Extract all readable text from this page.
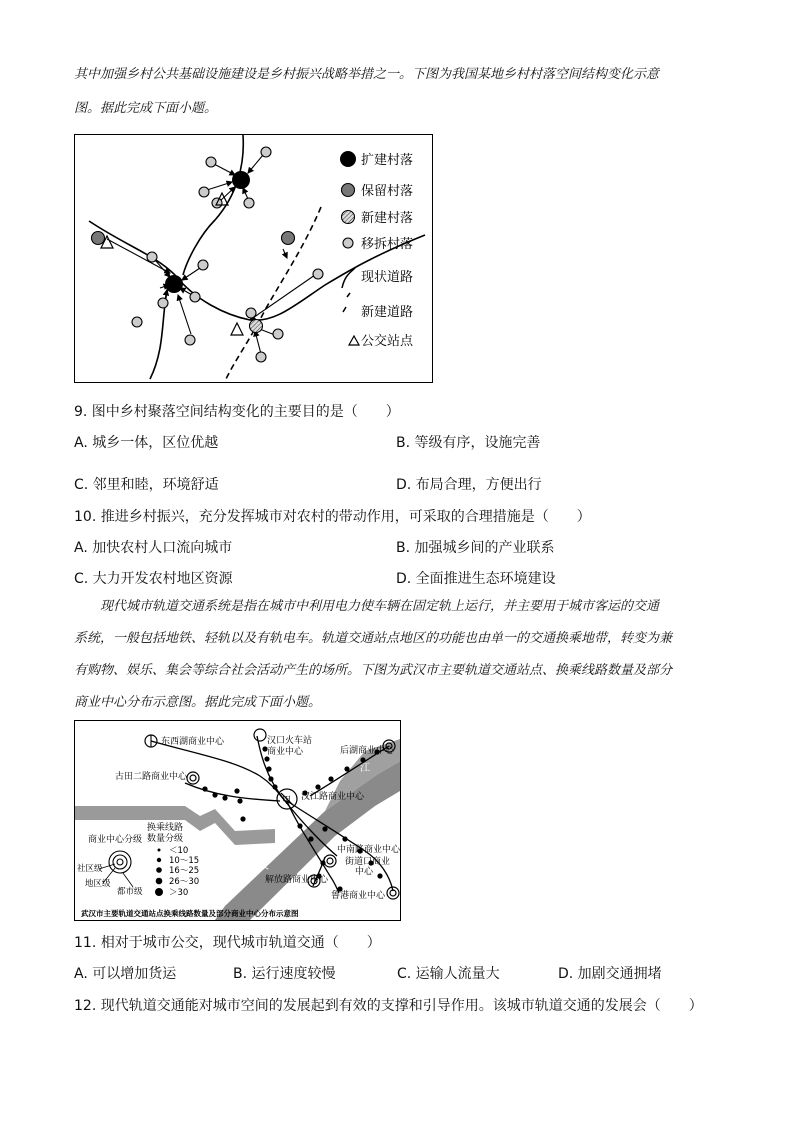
其中加强乡村公共基础设施建设是乡村振兴战略举措之一。下图为我国某地乡村村落空间结构变化示意
图。据此完成下面小题。
扩建村落
保留村落
新建村落
移拆村落
现状道路
新建道路
公交站点
9. 图中乡村聚落空间结构变化的主要目的是（　　）
A. 城乡一体，区位优越	B. 等级有序，设施完善
C. 邻里和睦，环境舒适	D. 布局合理，方便出行
10. 推进乡村振兴，充分发挥城市对农村的带动作用，可采取的合理措施是（　　）
A. 加快农村人口流向城市	B. 加强城乡间的产业联系
C. 大力开发农村地区资源	D. 全面推进生态环境建设
　　现代城市轨道交通系统是指在城市中利用电力使车辆在固定轨上运行，并主要用于城市客运的交通
系统，一般包括地铁、轻轨以及有轨电车。轨道交通站点地区的功能也由单一的交通换乘地带，转变为兼
有购物、娱乐、集会等综合社会活动产生的场所。下图为武汉市主要轨道交通站点、换乘线路数量及部分
商业中心分布示意图。据此完成下面小题。
江
长
甲
东西湖商业中心	汉口火车站
商业中心	后湖商业中心
古田二路商业中心
汉江路商业中心
中南路商业中心
街道口商业
中心
解放路商业中心
鲁港商业中心
商业中心分级
社区级
地区级
都市级
换乘线路
数量分级
＜10
10～15
16～25
26～30
＞30
武汉市主要轨道交通站点换乘线路数量及部分商业中心分布示意图
11. 相对于城市公交，现代城市轨道交通（　　）
A. 可以增加货运	B. 运行速度较慢	C. 运输人流量大	D. 加剧交通拥堵
12. 现代轨道交通能对城市空间的发展起到有效的支撑和引导作用。该城市轨道交通的发展会（　　）
